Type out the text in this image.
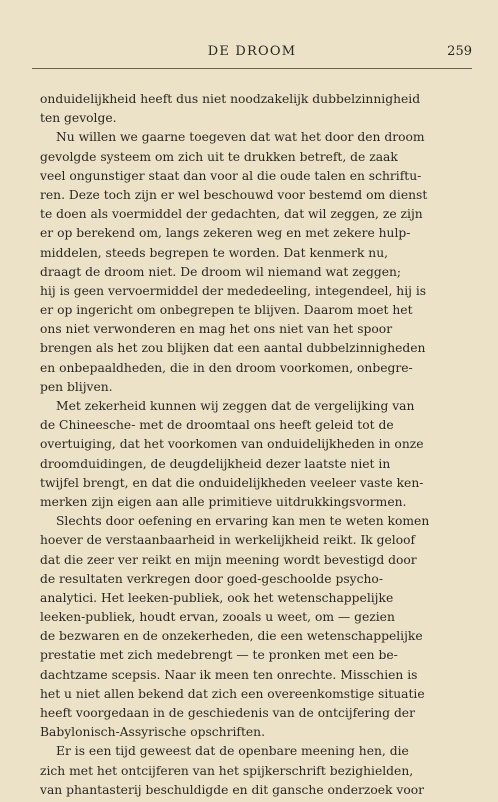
DE DROOM	259
onduidelijkheid heeft dus niet noodzakelijk dubbelzinnigheid
ten gevolge.
Nu willen we gaarne toegeven dat wat het door den droom
gevolgde systeem om zich uit te drukken betreft, de zaak
veel ongunstiger staat dan voor al die oude talen en schriftu-
ren. Deze toch zijn er wel beschouwd voor bestemd om dienst
te doen als voermiddel der gedachten, dat wil zeggen, ze zijn
er op berekend om, langs zekeren weg en met zekere hulp-
middelen, steeds begrepen te worden. Dat kenmerk nu,
draagt de droom niet. De droom wil niemand wat zeggen;
hij is geen vervoermiddel der mededeeling, integendeel, hij is
er op ingericht om onbegrepen te blijven. Daarom moet het
ons niet verwonderen en mag het ons niet van het spoor
brengen als het zou blijken dat een aantal dubbelzinnigheden
en onbepaaldheden, die in den droom voorkomen, onbegre-
pen blijven.
Met zekerheid kunnen wij zeggen dat de vergelijking van
de Chineesche- met de droomtaal ons heeft geleid tot de
overtuiging, dat het voorkomen van onduidelijkheden in onze
droomduidingen, de deugdelijkheid dezer laatste niet in
twijfel brengt, en dat die onduidelijkheden veeleer vaste ken-
merken zijn eigen aan alle primitieve uitdrukkingsvormen.
Slechts door oefening en ervaring kan men te weten komen
hoever de verstaanbaarheid in werkelijkheid reikt. Ik geloof
dat die zeer ver reikt en mijn meening wordt bevestigd door
de resultaten verkregen door goed-geschoolde psycho-
analytici. Het leeken-publiek, ook het wetenschappelijke
leeken-publiek, houdt ervan, zooals u weet, om — gezien
de bezwaren en de onzekerheden, die een wetenschappelijke
prestatie met zich medebrengt — te pronken met een be-
dachtzame scepsis. Naar ik meen ten onrechte. Misschien is
het u niet allen bekend dat zich een overeenkomstige situatie
heeft voorgedaan in de geschiedenis van de ontcijfering der
Babylonisch-Assyrische opschriften.
Er is een tijd geweest dat de openbare meening hen, die
zich met het ontcijferen van het spijkerschrift bezighielden,
van phantasterij beschuldigde en dit gansche onderzoek voor
